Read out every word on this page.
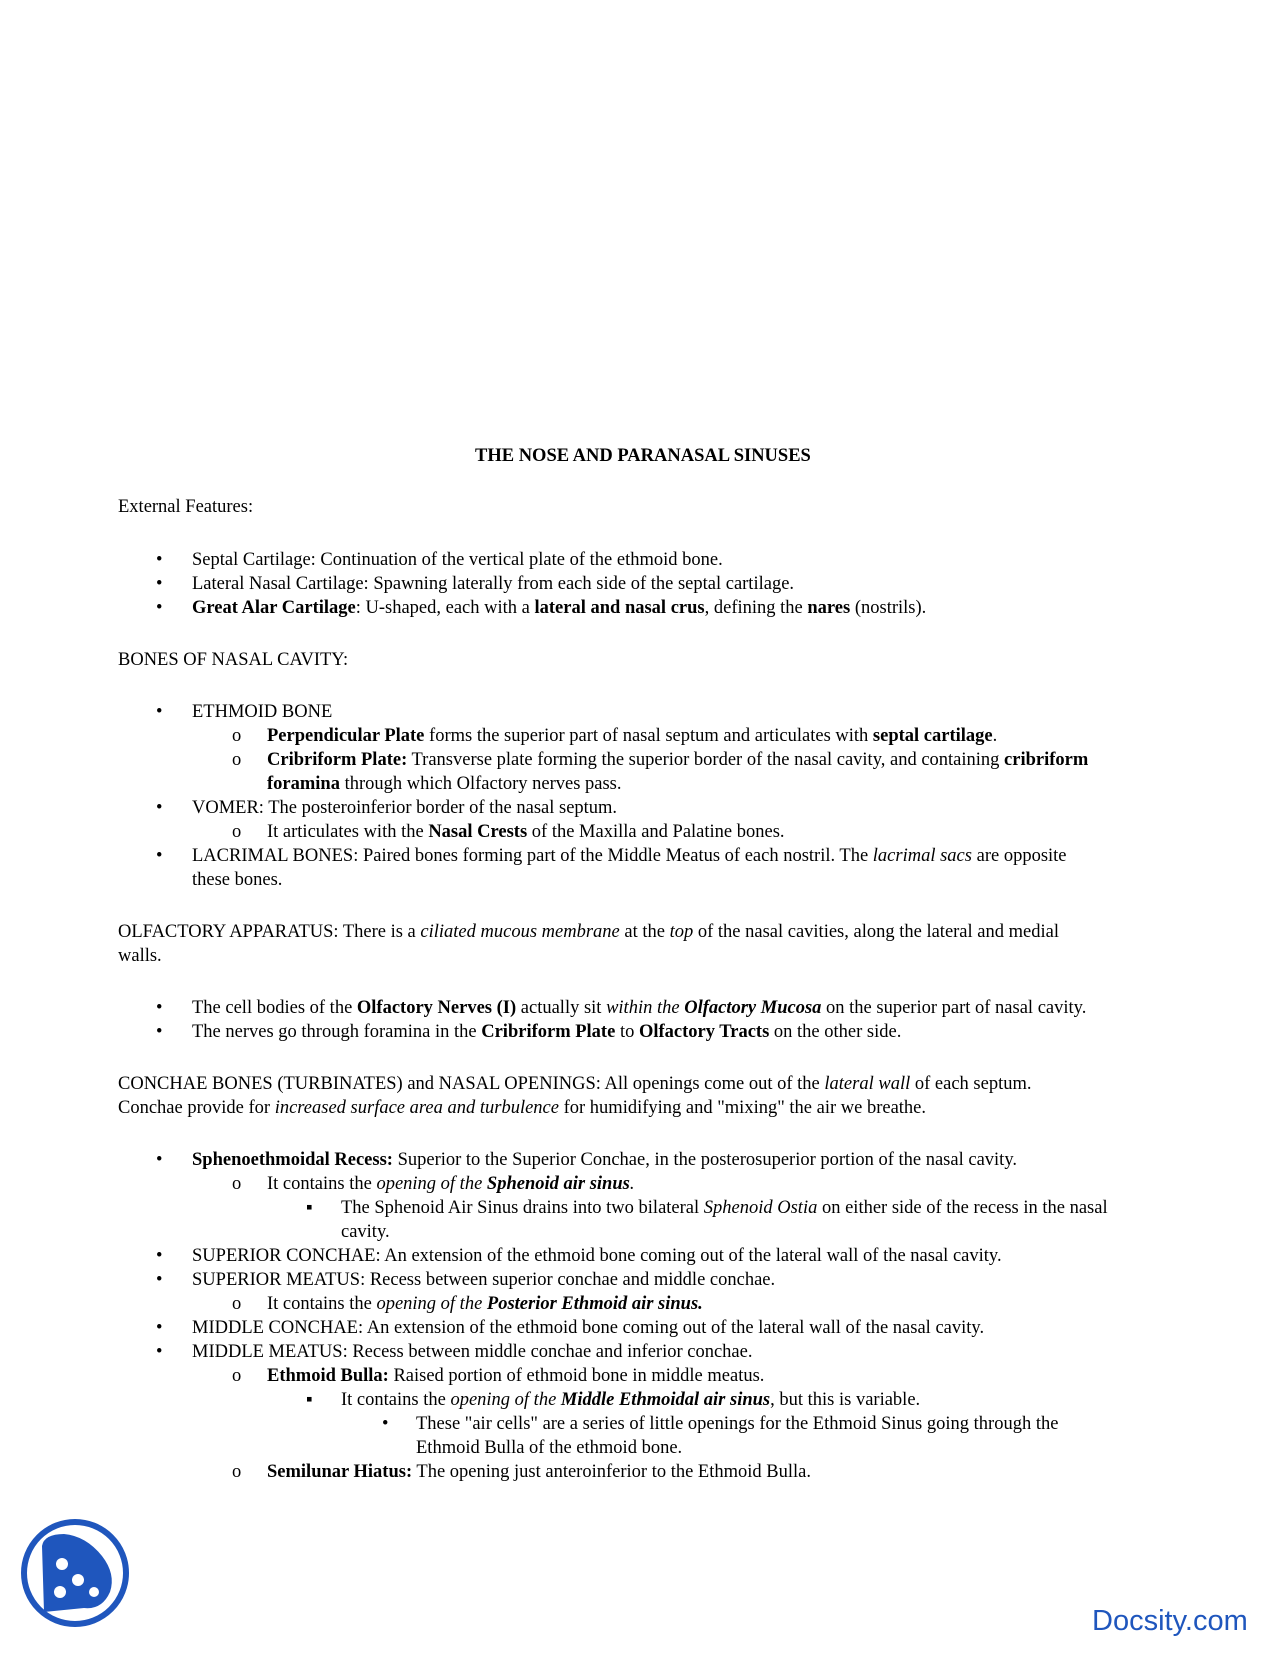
THE NOSE AND PARANASAL SINUSES
External Features:
• Septal Cartilage: Continuation of the vertical plate of the ethmoid bone.
• Lateral Nasal Cartilage: Spawning laterally from each side of the septal cartilage.
• Great Alar Cartilage: U-shaped, each with a lateral and nasal crus, defining the nares (nostrils).
BONES OF NASAL CAVITY:
• ETHMOID BONE
o Perpendicular Plate forms the superior part of nasal septum and articulates with septal cartilage.
o Cribriform Plate: Transverse plate forming the superior border of the nasal cavity, and containing cribriform
foramina through which Olfactory nerves pass.
• VOMER: The posteroinferior border of the nasal septum.
o It articulates with the Nasal Crests of the Maxilla and Palatine bones.
• LACRIMAL BONES: Paired bones forming part of the Middle Meatus of each nostril. The lacrimal sacs are opposite
these bones.
OLFACTORY APPARATUS: There is a ciliated mucous membrane at the top of the nasal cavities, along the lateral and medial
walls.
• The cell bodies of the Olfactory Nerves (I) actually sit within the Olfactory Mucosa on the superior part of nasal cavity.
• The nerves go through foramina in the Cribriform Plate to Olfactory Tracts on the other side.
CONCHAE BONES (TURBINATES) and NASAL OPENINGS: All openings come out of the lateral wall of each septum.
Conchae provide for increased surface area and turbulence for humidifying and "mixing" the air we breathe.
• Sphenoethmoidal Recess: Superior to the Superior Conchae, in the posterosuperior portion of the nasal cavity.
o It contains the opening of the Sphenoid air sinus.
▪ The Sphenoid Air Sinus drains into two bilateral Sphenoid Ostia on either side of the recess in the nasal
cavity.
• SUPERIOR CONCHAE: An extension of the ethmoid bone coming out of the lateral wall of the nasal cavity.
• SUPERIOR MEATUS: Recess between superior conchae and middle conchae.
o It contains the opening of the Posterior Ethmoid air sinus.
• MIDDLE CONCHAE: An extension of the ethmoid bone coming out of the lateral wall of the nasal cavity.
• MIDDLE MEATUS: Recess between middle conchae and inferior conchae.
o Ethmoid Bulla: Raised portion of ethmoid bone in middle meatus.
▪ It contains the opening of the Middle Ethmoidal air sinus, but this is variable.
• These "air cells" are a series of little openings for the Ethmoid Sinus going through the
Ethmoid Bulla of the ethmoid bone.
o Semilunar Hiatus: The opening just anteroinferior to the Ethmoid Bulla.
Docsity.com
